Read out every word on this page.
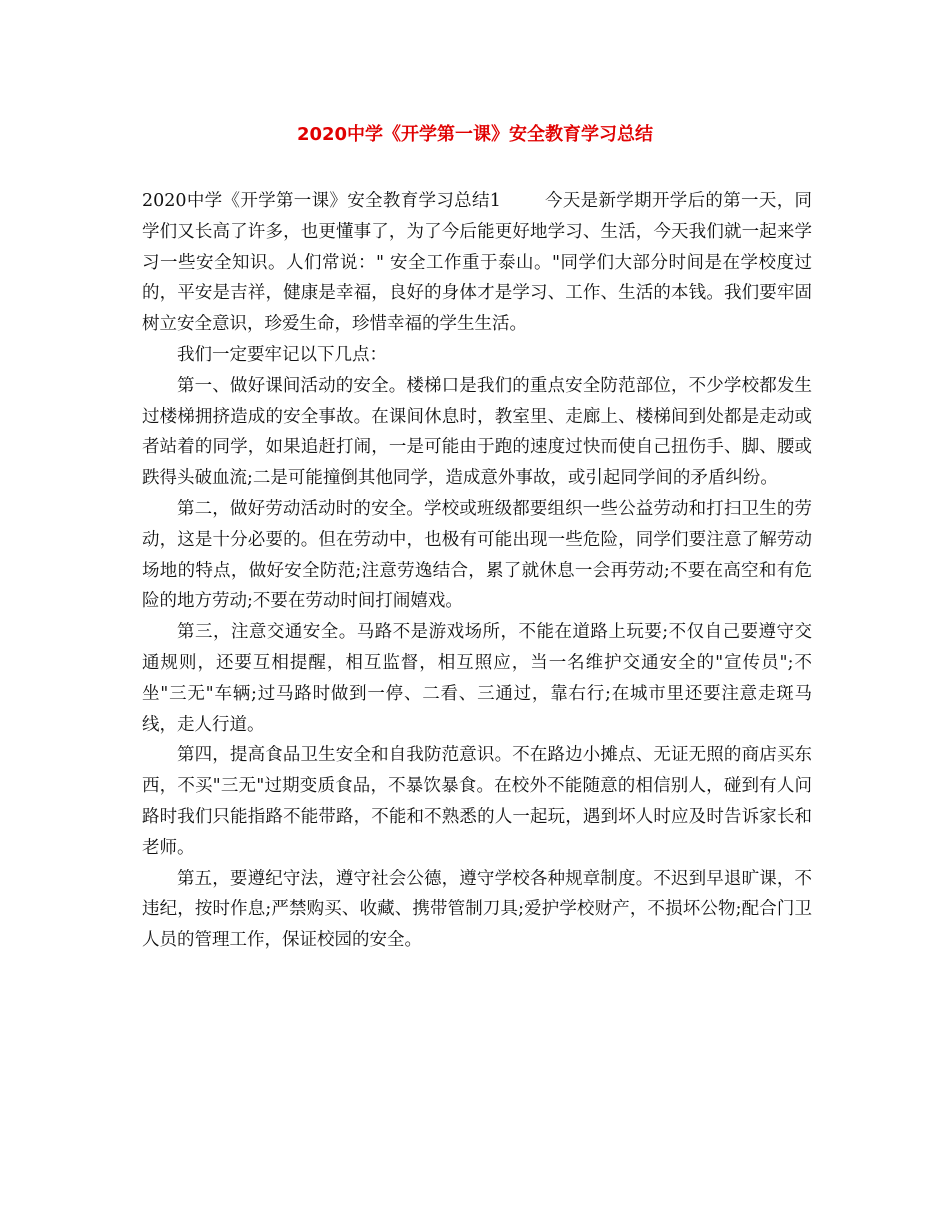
2020中学《开学第一课》安全教育学习总结

2020中学《开学第一课》安全教育学习总结1	今天是新学期开学后的第一天，同学们又长高了许多，也更懂事了，为了今后能更好地学习、生活，今天我们就一起来学习一些安全知识。人们常说：" 安全工作重于泰山。"同学们大部分时间是在学校度过的，平安是吉祥，健康是幸福，良好的身体才是学习、工作、生活的本钱。我们要牢固树立安全意识，珍爱生命，珍惜幸福的学生生活。

我们一定要牢记以下几点：

第一、做好课间活动的安全。楼梯口是我们的重点安全防范部位，不少学校都发生过楼梯拥挤造成的安全事故。在课间休息时，教室里、走廊上、楼梯间到处都是走动或者站着的同学，如果追赶打闹，一是可能由于跑的速度过快而使自己扭伤手、脚、腰或跌得头破血流;二是可能撞倒其他同学，造成意外事故，或引起同学间的矛盾纠纷。

第二，做好劳动活动时的安全。学校或班级都要组织一些公益劳动和打扫卫生的劳动，这是十分必要的。但在劳动中，也极有可能出现一些危险，同学们要注意了解劳动场地的特点，做好安全防范;注意劳逸结合，累了就休息一会再劳动;不要在高空和有危险的地方劳动;不要在劳动时间打闹嬉戏。

第三，注意交通安全。马路不是游戏场所，不能在道路上玩要;不仅自己要遵守交通规则，还要互相提醒，相互监督，相互照应，当一名维护交通安全的"宣传员";不坐"三无"车辆;过马路时做到一停、二看、三通过，靠右行;在城市里还要注意走斑马线，走人行道。

第四，提高食品卫生安全和自我防范意识。不在路边小摊点、无证无照的商店买东西，不买"三无"过期变质食品，不暴饮暴食。在校外不能随意的相信别人，碰到有人问路时我们只能指路不能带路，不能和不熟悉的人一起玩，遇到坏人时应及时告诉家长和老师。

第五，要遵纪守法，遵守社会公德，遵守学校各种规章制度。不迟到早退旷课，不违纪，按时作息;严禁购买、收藏、携带管制刀具;爱护学校财产，不损坏公物;配合门卫人员的管理工作，保证校园的安全。
